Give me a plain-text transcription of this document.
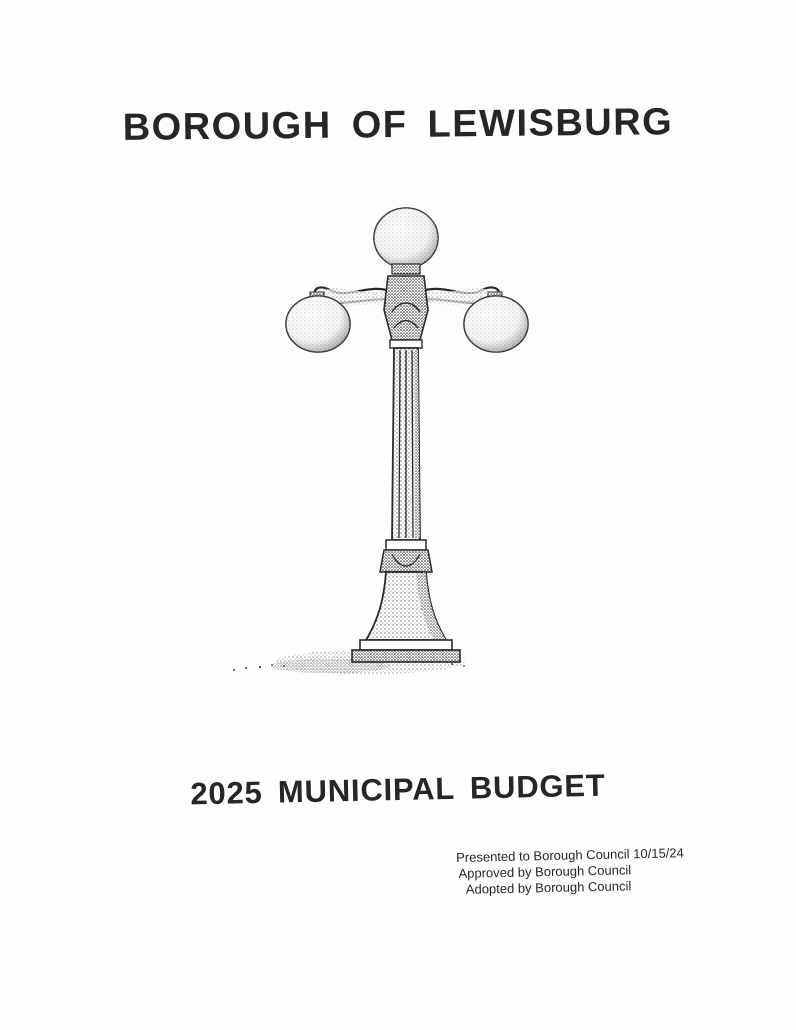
BOROUGH OF LEWISBURG
2025 MUNICIPAL BUDGET
Presented to Borough Council 10/15/24
Approved by Borough Council
Adopted by Borough Council
